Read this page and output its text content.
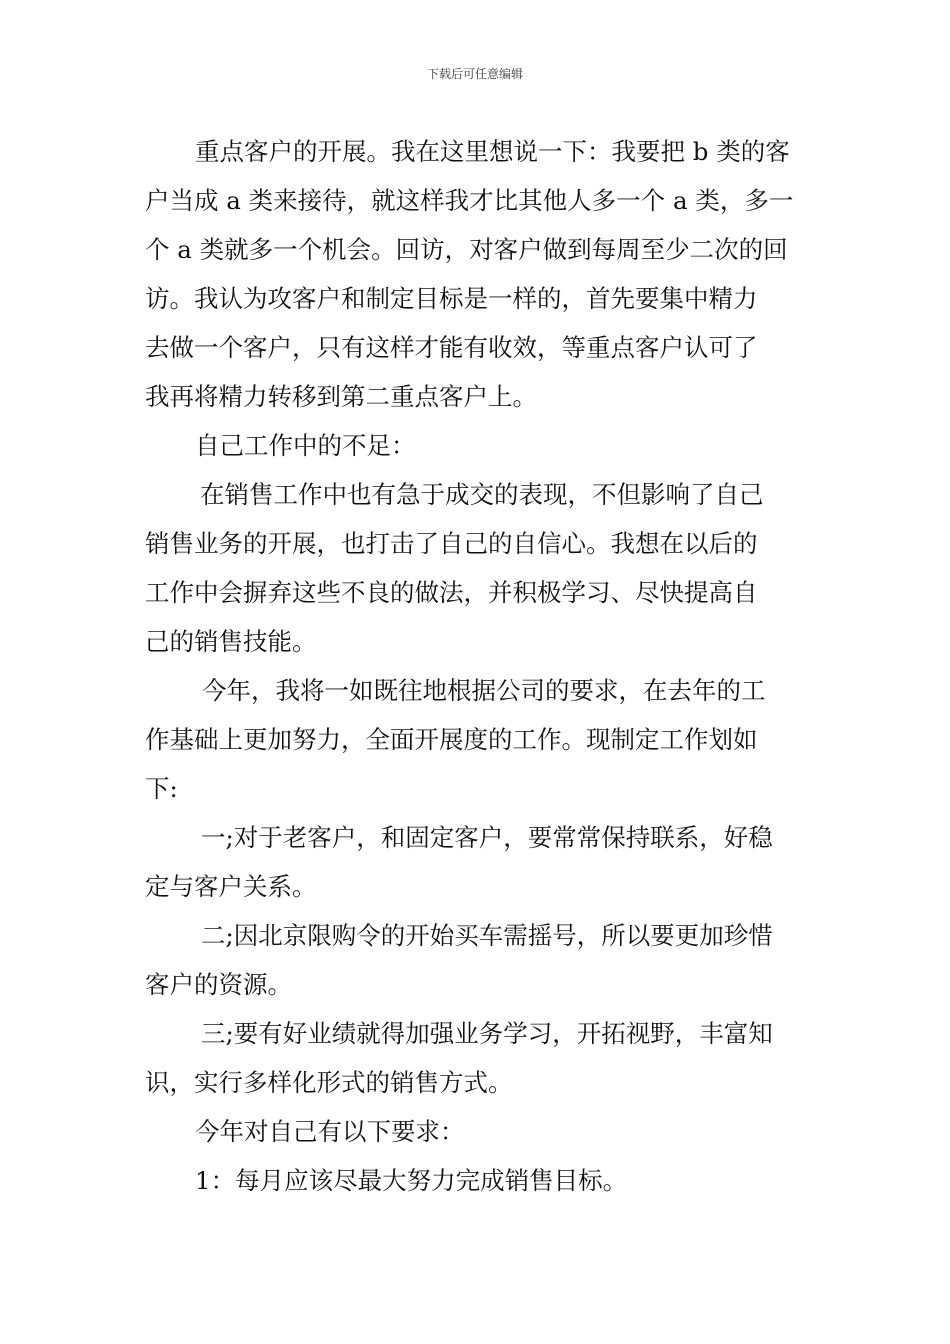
下载后可任意编辑
重点客户的开展。我在这里想说一下：我要把 b 类的客
户当成 a 类来接待，就这样我才比其他人多一个 a 类，多一
个 a 类就多一个机会。回访，对客户做到每周至少二次的回
访。我认为攻客户和制定目标是一样的，首先要集中精力
去做一个客户，只有这样才能有收效，等重点客户认可了
我再将精力转移到第二重点客户上。
自己工作中的不足：
在销售工作中也有急于成交的表现，不但影响了自己
销售业务的开展，也打击了自己的自信心。我想在以后的
工作中会摒弃这些不良的做法，并积极学习、尽快提高自
己的销售技能。
今年，我将一如既往地根据公司的要求，在去年的工
作基础上更加努力，全面开展度的工作。现制定工作划如
下:
一;对于老客户，和固定客户，要常常保持联系，好稳
定与客户关系。
二;因北京限购令的开始买车需摇号，所以要更加珍惜
客户的资源。
三;要有好业绩就得加强业务学习，开拓视野，丰富知
识，实行多样化形式的销售方式。
今年对自己有以下要求：
1：每月应该尽最大努力完成销售目标。
